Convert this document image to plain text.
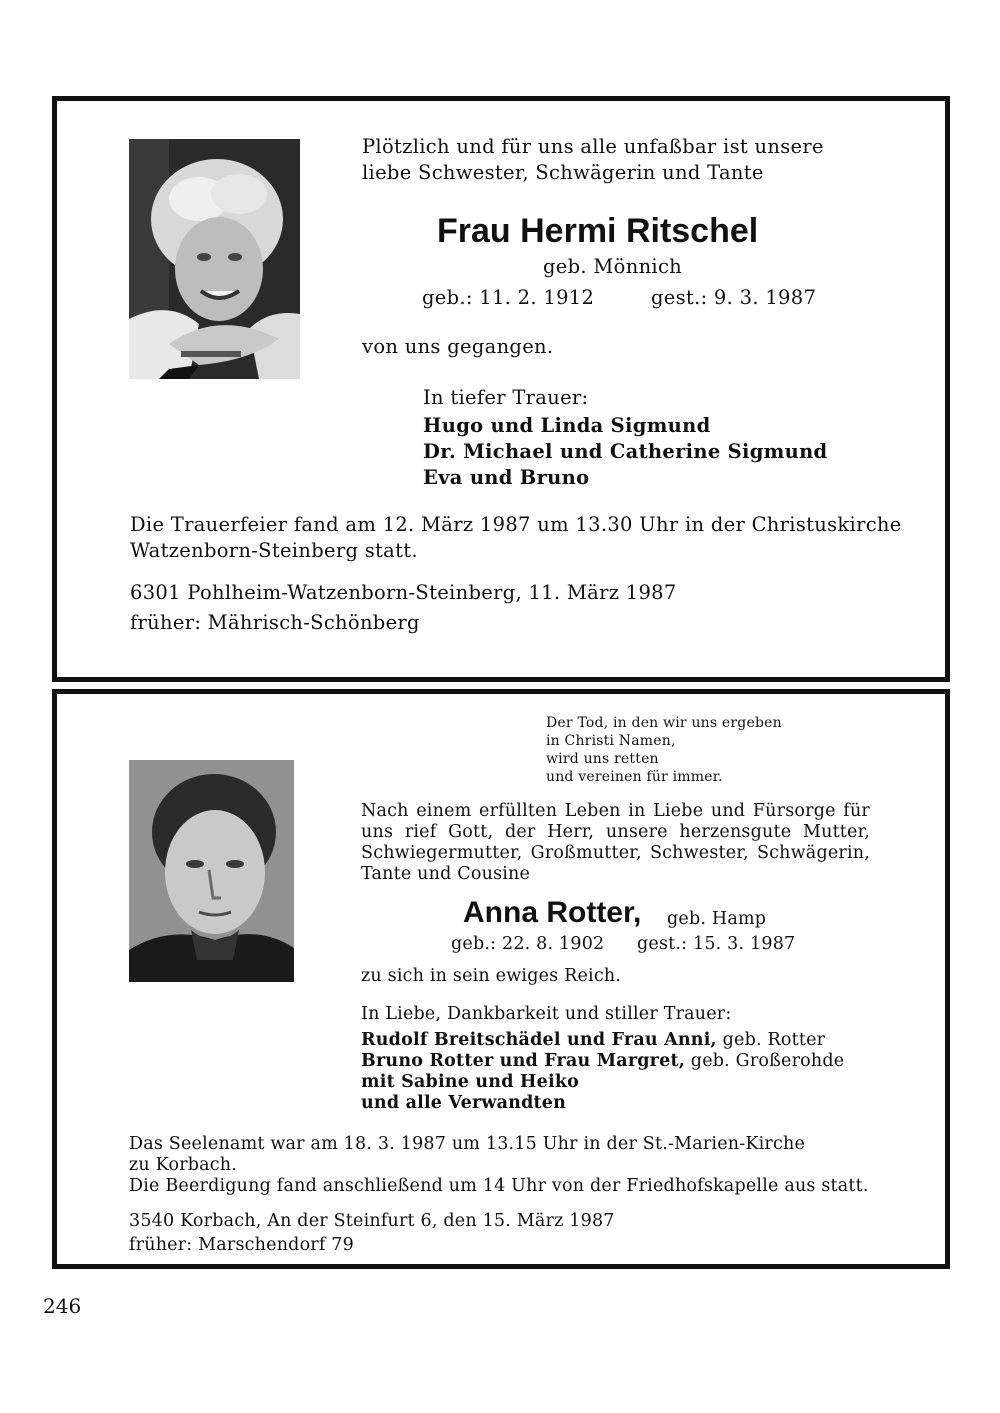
Plötzlich und für uns alle unfaßbar ist unsere
liebe Schwester, Schwägerin und Tante
Frau Hermi Ritschel
geb. Mönnich
geb.: 11. 2. 1912	gest.: 9. 3. 1987
von uns gegangen.
In tiefer Trauer:
Hugo und Linda Sigmund
Dr. Michael und Catherine Sigmund
Eva und Bruno
Die Trauerfeier fand am 12. März 1987 um 13.30 Uhr in der Christuskirche
Watzenborn-Steinberg statt.
6301 Pohlheim-Watzenborn-Steinberg, 11. März 1987
früher: Mährisch-Schönberg
Der Tod, in den wir uns ergeben
in Christi Namen,
wird uns retten
und vereinen für immer.
Nach einem erfüllten Leben in Liebe und Fürsorge für
uns rief Gott, der Herr, unsere herzensgute Mutter,
Schwiegermutter, Großmutter, Schwester, Schwägerin,
Tante und Cousine
Anna Rotter, geb. Hamp
geb.: 22. 8. 1902 gest.: 15. 3. 1987
zu sich in sein ewiges Reich.
In Liebe, Dankbarkeit und stiller Trauer:
Rudolf Breitschädel und Frau Anni, geb. Rotter
Bruno Rotter und Frau Margret, geb. Großerohde
mit Sabine und Heiko
und alle Verwandten
Das Seelenamt war am 18. 3. 1987 um 13.15 Uhr in der St.-Marien-Kirche
zu Korbach.
Die Beerdigung fand anschließend um 14 Uhr von der Friedhofskapelle aus statt.
3540 Korbach, An der Steinfurt 6, den 15. März 1987
früher: Marschendorf 79
246
